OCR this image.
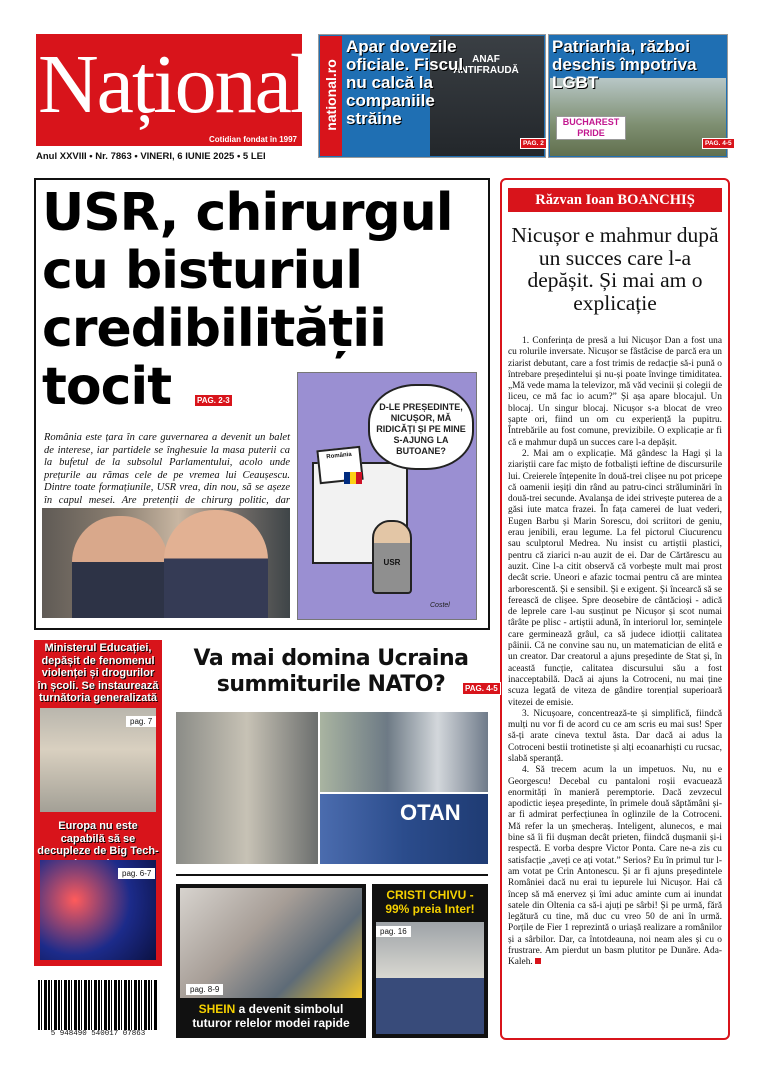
Național
Cotidian fondat în 1997
Anul XXVIII • Nr. 7863 • VINERI, 6 IUNIE 2025 • 5 LEI
ANAF ANTIFRAUDĂ
national.ro
Apar dovezile oficiale. Fiscul nu calcă la companiile străine
PAG. 2
BUCHAREST PRIDE
Patriarhia, război deschis împotriva LGBT
PAG. 4-5
USR, chirurgul cu bisturiul credibilității tocit	PAG. 2-3
România este țara în care guvernarea a devenit un balet de interese, iar partidele se înghesuie la masa puterii ca la bufetul de la subsolul Parlamentului, acolo unde prețurile au rămas cele de pe vremea lui Ceaușescu. Dintre toate formațiunile, USR vrea, din nou, să se așeze în capul mesei. Are pretenții de chirurg politic, dar
România
USR
D-LE PREȘEDINTE, NICUȘOR, MĂ RIDICĂȚI ȘI PE MINE S-AJUNG LA BUTOANE?
Costel
Răzvan Ioan BOANCHIȘ
Nicușor e mahmur după un succes care l-a depășit. Și mai am o explicație

1. Conferința de presă a lui Nicușor Dan a fost una cu rolurile inversate. Nicușor se fâstâcise de parcă era un ziarist debutant, care a fost trimis de redacție să-i pună o întrebare președintelui și nu-și poate învinge timiditatea. „Mă vede mama la televizor, mă văd vecinii și colegii de liceu, ce mă fac io acum?” Și așa apare blocajul. Un blocaj. Un singur blocaj. Nicușor s-a blocat de vreo șapte ori, fiind un om cu experiență la pupitru. Întrebările au fost comune, previzibile. O explicație ar fi că e mahmur după un succes care l-a depășit.

2. Mai am o explicație. Mă gândesc la Hagi și la ziariștii care fac mișto de fotbaliști ieftine de discursurile lui. Creierele înțepenite în două-trei clișee nu pot pricepe că oamenii ieșiți din rând au patru-cinci străluminări în două-trei secunde. Avalanșa de idei strivește puterea de a găsi iute matca frazei. În fața camerei de luat vederi, Eugen Barbu și Marin Sorescu, doi scriitori de geniu, erau jenibili, erau legume. La fel pictorul Ciucurencu sau sculptorul Medrea. Nu insist cu artiștii plastici, pentru că ziarici n-au auzit de ei. Dar de Cărtărescu au auzit. Cine l-a citit observă că vorbește mult mai prost decât scrie. Uneori e afazic tocmai pentru că are mintea arborescentă. Și e sensibil. Și e exigent. Și încearcă să se ferească de clișee. Spre deosebire de cântăcioși - adică de leprele care l-au susținut pe Nicușor și scot numai târâte pe plisc - artiștii adună, în interiorul lor, semințele care germinează grâul, ca să judece idiotții calitatea pâinii. Că ne convine sau nu, un matematician de elită e un creator. Dar creatorul a ajuns președinte de Stat și, în această funcție, calitatea discursului său a fost inacceptabilă. Dacă ai ajuns la Cotroceni, nu mai ține scuza legată de viteza de gândire torențial superioară vitezei de emisie.

3. Nicușoare, concentrează-te și simplifică, fiindcă mulți nu vor fi de acord cu ce am scris eu mai sus! Sper să-ți arate cineva textul ăsta. Dar dacă ai adus la Cotroceni bestii trotinetiste și alți ecoanarhiști cu rucsac, slabă speranță.

4. Să trecem acum la un impetuos. Nu, nu e Georgescu! Decebal cu pantaloni roșii evacuează enormități în manieră peremptorie. Dacă zevzecul apodictic ieșea președinte, în primele două săptămâni și-ar fi admirat perfecțiunea în oglinzile de la Cotroceni. Mă refer la un șmecheraș. Inteligent, alunecos, e mai bine să îi fii dușman decât prieten, fiindcă dușmanii și-i respectă. E vorba despre Victor Ponta. Care ne-a zis cu satisfacție „aveți ce ați votat.” Serios? Eu în primul tur l-am votat pe Crin Antonescu. Și ar fi ajuns președintele României dacă nu erai tu iepurele lui Nicușor. Hai că încep să mă enervez și îmi aduc aminte cum ai inundat satele din Oltenia ca să-i ajuți pe sârbi! Și pe urmă, fără legătură cu tine, mă duc cu vreo 50 de ani în urmă. Porțile de Fier 1 reprezintă o uriașă realizare a românilor și a sârbilor. Dar, ca întotdeauna, noi neam ales și cu o frustrare. Am pierdut un basm plutitor pe Dunăre. Ada-Kaleh.

Ministerul Educației, depășit de fenomenul violenței și drogurilor în școli. Se instaurează turnătoria generalizată
pag. 7
Europa nu este capabilă să se decupleze de Big Tech-
pag. 6-7
5 948490 540017 07863
Va mai domina Ucraina summiturile NATO?	PAG. 4-5
OTAN
pag. 8-9
SHEIN a devenit simbolul tuturor relelor modei rapide
CRISTI CHIVU - 99% preia Inter!
pag. 16
